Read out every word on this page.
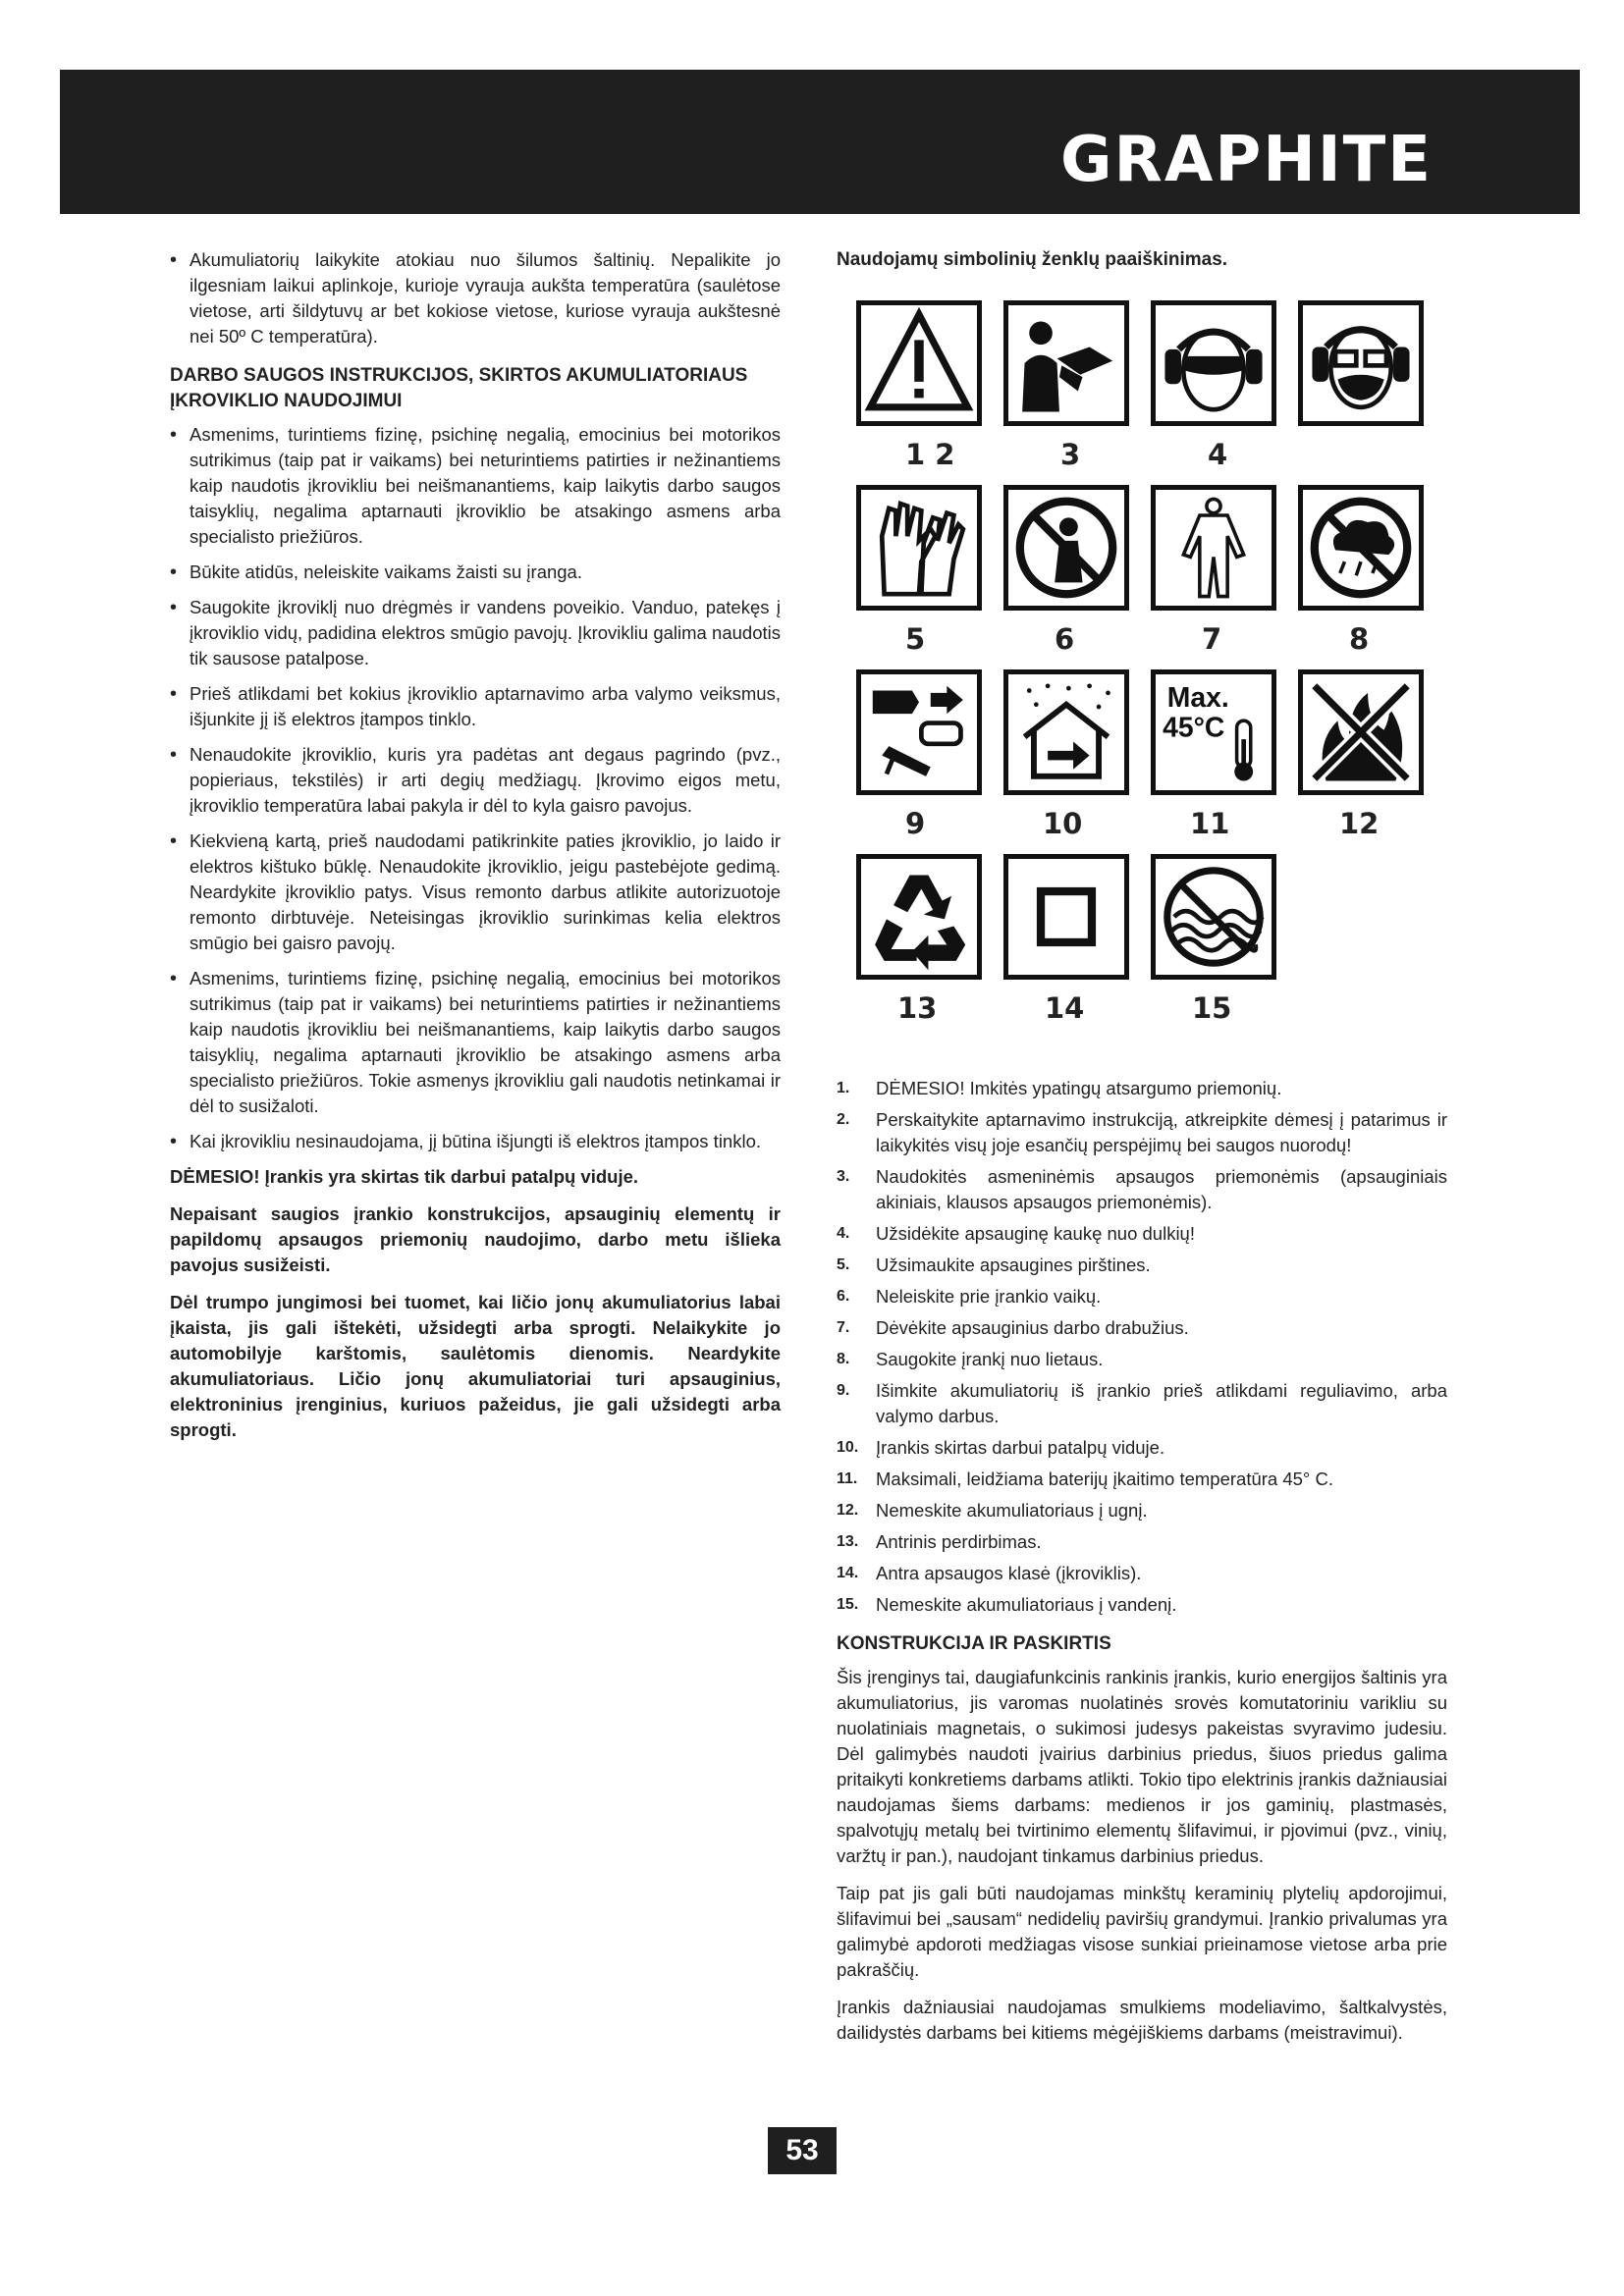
GRAPHITE
• Akumuliatorių laikykite atokiau nuo šilumos šaltinių. Nepalikite jo ilgesniam laikui aplinkoje, kurioje vyrauja aukšta temperatūra (saulėtose vietose, arti šildytuvų ar bet kokiose vietose, kuriose vyrauja aukštesnė nei 50º C temperatūra).
DARBO SAUGOS INSTRUKCIJOS, SKIRTOS AKUMULIATORIAUS ĮKROVIKLIO NAUDOJIMUI
• Asmenims, turintiems fizinę, psichinę negalią, emocinius bei motorikos sutrikimus (taip pat ir vaikams) bei neturintiems patirties ir nežinantiems kaip naudotis įkrovikliu bei neišmanantiems, kaip laikytis darbo saugos taisyklių, negalima aptarnauti įkroviklio be atsakingo asmens arba specialisto priežiūros.
• Būkite atidūs, neleiskite vaikams žaisti su įranga.
• Saugokite įkroviklį nuo drėgmės ir vandens poveikio. Vanduo, patekęs į įkroviklio vidų, padidina elektros smūgio pavojų. Įkrovikliu galima naudotis tik sausose patalpose.
• Prieš atlikdami bet kokius įkroviklio aptarnavimo arba valymo veiksmus, išjunkite jį iš elektros įtampos tinklo.
• Nenaudokite įkroviklio, kuris yra padėtas ant degaus pagrindo (pvz., popieriaus, tekstilės) ir arti degių medžiagų. Įkrovimo eigos metu, įkroviklio temperatūra labai pakyla ir dėl to kyla gaisro pavojus.
• Kiekvieną kartą, prieš naudodami patikrinkite paties įkroviklio, jo laido ir elektros kištuko būklę. Nenaudokite įkroviklio, jeigu pastebėjote gedimą. Neardykite įkroviklio patys. Visus remonto darbus atlikite autorizuotoje remonto dirbtuvėje. Neteisingas įkroviklio surinkimas kelia elektros smūgio bei gaisro pavojų.
• Asmenims, turintiems fizinę, psichinę negalią, emocinius bei motorikos sutrikimus (taip pat ir vaikams) bei neturintiems patirties ir nežinantiems kaip naudotis įkrovikliu bei neišmanantiems, kaip laikytis darbo saugos taisyklių, negalima aptarnauti įkroviklio be atsakingo asmens arba specialisto priežiūros. Tokie asmenys įkrovikliu gali naudotis netinkamai ir dėl to susižaloti.
• Kai įkrovikliu nesinaudojama, jį būtina išjungti iš elektros įtampos tinklo.

DĖMESIO! Įrankis yra skirtas tik darbui patalpų viduje.

Nepaisant saugios įrankio konstrukcijos, apsauginių elementų ir papildomų apsaugos priemonių naudojimo, darbo metu išlieka pavojus susižeisti.

Dėl trumpo jungimosi bei tuomet, kai ličio jonų akumuliatorius labai įkaista, jis gali ištekėti, užsidegti arba sprogti. Nelaikykite jo automobilyje karštomis, saulėtomis dienomis. Neardykite akumuliatoriaus. Ličio jonų akumuliatoriai turi apsauginius, elektroninius įrenginius, kuriuos pažeidus, jie gali užsidegti arba sprogti.

Naudojamų simbolinių ženklų paaiškinimas.
1 2	3	4
5	6	7	8
Max.
45°C
9	10	11	12
13	14	15
1. DĖMESIO! Imkitės ypatingų atsargumo priemonių.
2. Perskaitykite aptarnavimo instrukciją, atkreipkite dėmesį į patarimus ir laikykitės visų joje esančių perspėjimų bei saugos nuorodų!
3. Naudokitės asmeninėmis apsaugos priemonėmis (apsauginiais akiniais, klausos apsaugos priemonėmis).
4. Užsidėkite apsauginę kaukę nuo dulkių!
5. Užsimaukite apsaugines pirštines.
6. Neleiskite prie įrankio vaikų.
7. Dėvėkite apsauginius darbo drabužius.
8. Saugokite įrankį nuo lietaus.
9. Išimkite akumuliatorių iš įrankio prieš atlikdami reguliavimo, arba valymo darbus.
10. Įrankis skirtas darbui patalpų viduje.
11. Maksimali, leidžiama baterijų įkaitimo temperatūra 45° C.
12. Nemeskite akumuliatoriaus į ugnį.
13. Antrinis perdirbimas.
14. Antra apsaugos klasė (įkroviklis).
15. Nemeskite akumuliatoriaus į vandenį.
KONSTRUKCIJA IR PASKIRTIS

Šis įrenginys tai, daugiafunkcinis rankinis įrankis, kurio energijos šaltinis yra akumuliatorius, jis varomas nuolatinės srovės komutatoriniu varikliu su nuolatiniais magnetais, o sukimosi judesys pakeistas svyravimo judesiu. Dėl galimybės naudoti įvairius darbinius priedus, šiuos priedus galima pritaikyti konkretiems darbams atlikti. Tokio tipo elektrinis įrankis dažniausiai naudojamas šiems darbams: medienos ir jos gaminių, plastmasės, spalvotųjų metalų bei tvirtinimo elementų šlifavimui, ir pjovimui (pvz., vinių, varžtų ir pan.), naudojant tinkamus darbinius priedus.

Taip pat jis gali būti naudojamas minkštų keraminių plytelių apdorojimui, šlifavimui bei „sausam“ nedidelių paviršių grandymui. Įrankio privalumas yra galimybė apdoroti medžiagas visose sunkiai prieinamose vietose arba prie pakraščių.

Įrankis dažniausiai naudojamas smulkiems modeliavimo, šaltkalvystės, dailidystės darbams bei kitiems mėgėjiškiems darbams (meistravimui).

53
